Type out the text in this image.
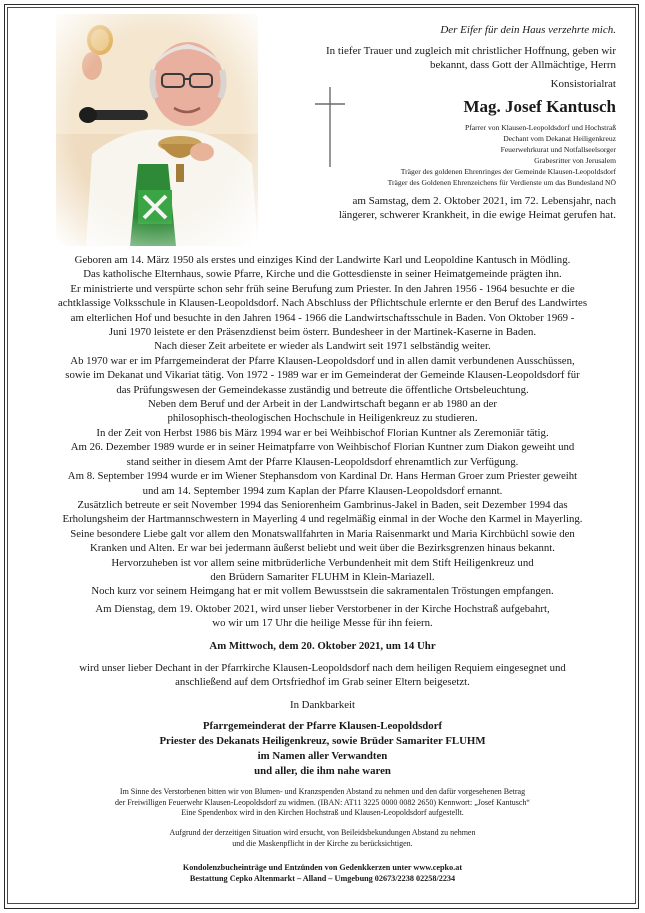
Der Eifer für dein Haus verzehrte mich.
In tiefer Trauer und zugleich mit christlicher Hoffnung, geben wir
bekannt, dass Gott der Allmächtige, Herrn
Konsistorialrat
Mag. Josef Kantusch
Pfarrer von Klausen-Leopoldsdorf und Hochstraß
Dechant vom Dekanat Heiligenkreuz
Feuerwehrkurat und Notfallseelsorger
Grabesritter von Jerusalem
Träger des goldenen Ehrenringes der Gemeinde Klausen-Leopoldsdorf
Träger des Goldenen Ehrenzeichens für Verdienste um das Bundesland NÖ
am Samstag, dem 2. Oktober 2021, im 72. Lebensjahr, nach
längerer, schwerer Krankheit, in die ewige Heimat gerufen hat.
Geboren am 14. März 1950 als erstes und einziges Kind der Landwirte Karl und Leopoldine Kantusch in Mödling.
Das katholische Elternhaus, sowie Pfarre, Kirche und die Gottesdienste in seiner Heimatgemeinde prägten ihn.
Er ministrierte und verspürte schon sehr früh seine Berufung zum Priester. In den Jahren 1956 - 1964 besuchte er die
achtklassige Volksschule in Klausen-Leopoldsdorf. Nach Abschluss der Pflichtschule erlernte er den Beruf des Landwirtes
am elterlichen Hof und besuchte in den Jahren 1964 - 1966 die Landwirtschaftsschule in Baden. Von Oktober 1969 -
Juni 1970 leistete er den Präsenzdienst beim österr. Bundesheer in der Martinek-Kaserne in Baden.
Nach dieser Zeit arbeitete er wieder als Landwirt seit 1971 selbständig weiter.
Ab 1970 war er im Pfarrgemeinderat der Pfarre Klausen-Leopoldsdorf und in allen damit verbundenen Ausschüssen,
sowie im Dekanat und Vikariat tätig. Von 1972 - 1989 war er im Gemeinderat der Gemeinde Klausen-Leopoldsdorf für
das Prüfungswesen der Gemeindekasse zuständig und betreute die öffentliche Ortsbeleuchtung.
Neben dem Beruf und der Arbeit in der Landwirtschaft begann er ab 1980 an der
philosophisch-theologischen Hochschule in Heiligenkreuz zu studieren.
In der Zeit von Herbst 1986 bis März 1994 war er bei Weihbischof Florian Kuntner als Zeremoniär tätig.
Am 26. Dezember 1989 wurde er in seiner Heimatpfarre von Weihbischof Florian Kuntner zum Diakon geweiht und
stand seither in diesem Amt der Pfarre Klausen-Leopoldsdorf ehrenamtlich zur Verfügung.
Am 8. September 1994 wurde er im Wiener Stephansdom von Kardinal Dr. Hans Herman Groer zum Priester geweiht
und am 14. September 1994 zum Kaplan der Pfarre Klausen-Leopoldsdorf ernannt.
Zusätzlich betreute er seit November 1994 das Seniorenheim Gambrinus-Jakel in Baden, seit Dezember 1994 das
Erholungsheim der Hartmannschwestern in Mayerling 4 und regelmäßig einmal in der Woche den Karmel in Mayerling.
Seine besondere Liebe galt vor allem den Monatswallfahrten in Maria Raisenmarkt und Maria Kirchbüchl sowie den
Kranken und Alten. Er war bei jedermann äußerst beliebt und weit über die Bezirksgrenzen hinaus bekannt.
Hervorzuheben ist vor allem seine mitbrüderliche Verbundenheit mit dem Stift Heiligenkreuz und
den Brüdern Samariter FLUHM in Klein-Mariazell.
Noch kurz vor seinem Heimgang hat er mit vollem Bewusstsein die sakramentalen Tröstungen empfangen.
Am Dienstag, dem 19. Oktober 2021, wird unser lieber Verstorbener in der Kirche Hochstraß aufgebahrt,
wo wir um 17 Uhr die heilige Messe für ihn feiern.
Am Mittwoch, dem 20. Oktober 2021, um 14 Uhr
wird unser lieber Dechant in der Pfarrkirche Klausen-Leopoldsdorf nach dem heiligen Requiem eingesegnet und
anschließend auf dem Ortsfriedhof im Grab seiner Eltern beigesetzt.
In Dankbarkeit
Pfarrgemeinderat der Pfarre Klausen-Leopoldsdorf
Priester des Dekanats Heiligenkreuz, sowie Brüder Samariter FLUHM
im Namen aller Verwandten
und aller, die ihm nahe waren
Im Sinne des Verstorbenen bitten wir von Blumen- und Kranzspenden Abstand zu nehmen und den dafür vorgesehenen Betrag
der Freiwilligen Feuerwehr Klausen-Leopoldsdorf zu widmen. (IBAN: AT11 3225 0000 0082 2650) Kennwort: „Josef Kantusch“
Eine Spendenbox wird in den Kirchen Hochstraß und Klausen-Leopoldsdorf aufgestellt.
Aufgrund der derzeitigen Situation wird ersucht, von Beileidsbekundungen Abstand zu nehmen
und die Maskenpflicht in der Kirche zu berücksichtigen.
Kondolenzbucheinträge und Entzünden von Gedenkkerzen unter www.cepko.at
Bestattung Cepko Altenmarkt – Alland – Umgebung 02673/2238 02258/2234
